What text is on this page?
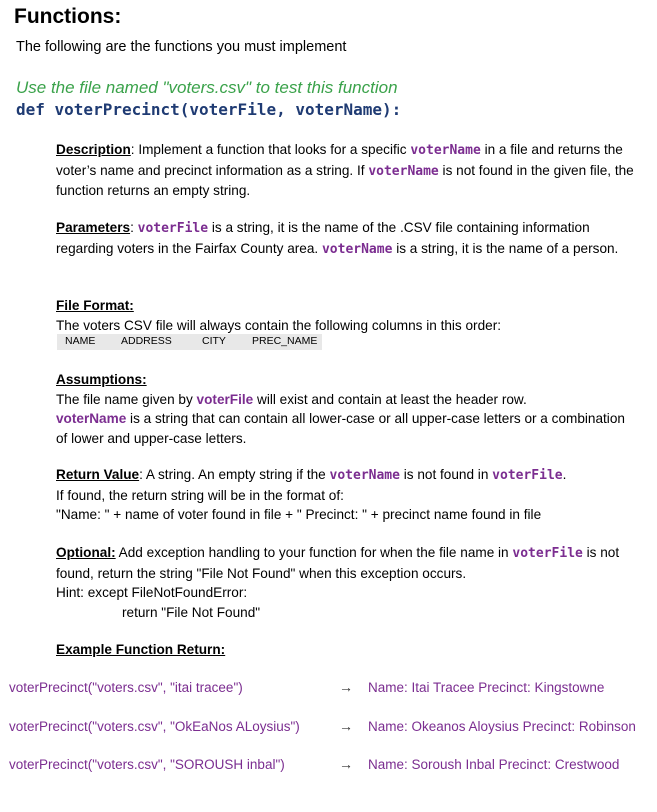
Functions:
The following are the functions you must implement
Use the file named "voters.csv" to test this function
def voterPrecinct(voterFile, voterName):
Description: Implement a function that looks for a specific voterName in a file and returns the voter’s name and precinct information as a string. If voterName is not found in the given file, the function returns an empty string.
Parameters: voterFile is a string, it is the name of the .CSV file containing information regarding voters in the Fairfax County area. voterName is a string, it is the name of a person.
File Format:
The voters CSV file will always contain the following columns in this order:
NAME ADDRESS	CITY PREC_NAME
Assumptions:
The file name given by voterFile will exist and contain at least the header row.
voterName is a string that can contain all lower-case or all upper-case letters or a combination of lower and upper-case letters.
Return Value: A string. An empty string if the voterName is not found in voterFile.
If found, the return string will be in the format of:
"Name: " + name of voter found in file + " Precinct: " + precinct name found in file
Optional: Add exception handling to your function for when the file name in voterFile is not found, return the string "File Not Found" when this exception occurs.
Hint: except FileNotFoundError:
return "File Not Found"
Example Function Return:
voterPrecinct("voters.csv", "itai tracee")	→ Name: Itai Tracee Precinct: Kingstowne
voterPrecinct("voters.csv", "OkEaNos ALoysius")	→ Name: Okeanos Aloysius Precinct: Robinson
voterPrecinct("voters.csv", "SOROUSH inbal")	→ Name: Soroush Inbal Precinct: Crestwood
